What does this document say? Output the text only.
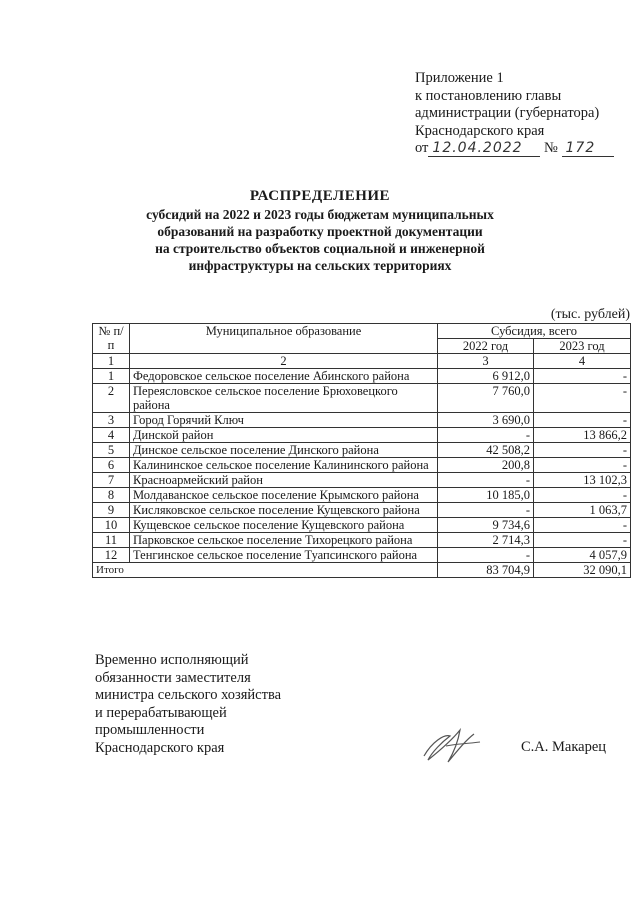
Приложение 1
к постановлению главы
администрации (губернатора)
Краснодарского края
от 12.04.2022 № 172
РАСПРЕДЕЛЕНИЕ
субсидий на 2022 и 2023 годы бюджетам муниципальных
образований на разработку проектной документации
на строительство объектов социальной и инженерной
инфраструктуры на сельских территориях
(тыс. рублей)
№ п/п	Муниципальное образование	Субсидия, всего	
		2022 год	2023 год
1	2	3	4
1	Федоровское сельское поселение Абинского района	6 912,0	-
2	Переясловское сельское поселение Брюховецкого района	7 760,0	-
3	Город Горячий Ключ	3 690,0	-
4	Динской район	-	13 866,2
5	Динское сельское поселение Динского района	42 508,2	-
6	Калининское сельское поселение Калининского района	200,8	-
7	Красноармейский район	-	13 102,3
8	Молдаванское сельское поселение Крымского района	10 185,0	-
9	Кисляковское сельское поселение Кущевского района	-	1 063,7
10	Кущевское сельское поселение Кущевского района	9 734,6	-
11	Парковское сельское поселение Тихорецкого района	2 714,3	-
12	Тенгинское сельское поселение Туапсинского района	-	4 057,9
Итого		83 704,9	32 090,1
Временно исполняющий
обязанности заместителя
министра сельского хозяйства
и перерабатывающей
промышленности
Краснодарского края	С.А. Макарец
